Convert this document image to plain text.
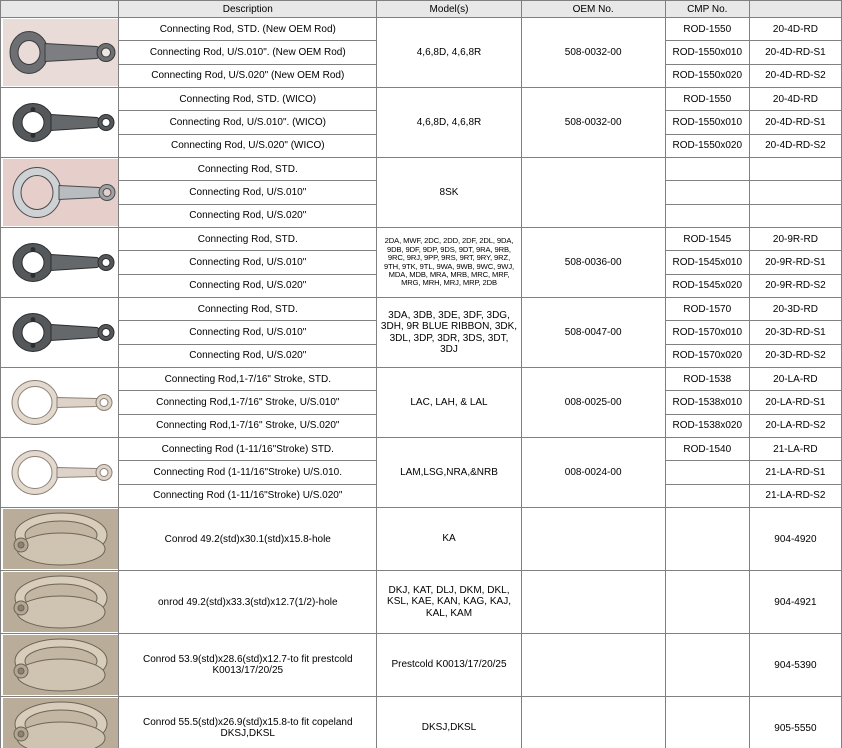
	Description	Model(s)	OEM No.	CMP No.	

	Connecting Rod, STD. (New OEM Rod)	4,6,8D, 4,6,8R	508-0032-00	ROD-1550	20-4D-RD
	Connecting Rod, U/S.010". (New OEM Rod)			ROD-1550x010	20-4D-RD-S1
	Connecting Rod, U/S.020" (New OEM Rod)			ROD-1550x020	20-4D-RD-S2

	Connecting Rod, STD. (WICO)	4,6,8D, 4,6,8R	508-0032-00	ROD-1550	20-4D-RD
	Connecting Rod, U/S.010". (WICO)			ROD-1550x010	20-4D-RD-S1
	Connecting Rod, U/S.020" (WICO)			ROD-1550x020	20-4D-RD-S2

	Connecting Rod, STD.	8SK			
	Connecting Rod, U/S.010"				
	Connecting Rod, U/S.020"				

	Connecting Rod, STD.	2DA, MWF, 2DC, 2DD, 2DF, 2DL, 9DA, 9DB, 9DF, 9DP, 9DS, 9DT, 9RA, 9RB, 9RC, 9RJ, 9PP, 9RS, 9RT, 9RY, 9RZ, 9TH, 9TK, 9TL, 9WA, 9WB, 9WC, 9WJ, MDA, MDB, MRA, MRB, MRC, MRF, MRG, MRH, MRJ, MRP, 2DB	508-0036-00	ROD-1545	20-9R-RD
	Connecting Rod, U/S.010"			ROD-1545x010	20-9R-RD-S1
	Connecting Rod, U/S.020"			ROD-1545x020	20-9R-RD-S2

	Connecting Rod, STD.	3DA, 3DB, 3DE, 3DF, 3DG, 3DH, 9R BLUE RIBBON, 3DK, 3DL, 3DP, 3DR, 3DS, 3DT, 3DJ	508-0047-00	ROD-1570	20-3D-RD
	Connecting Rod, U/S.010"			ROD-1570x010	20-3D-RD-S1
	Connecting Rod, U/S.020"			ROD-1570x020	20-3D-RD-S2

	Connecting Rod,1-7/16" Stroke, STD.	LAC, LAH, & LAL	008-0025-00	ROD-1538	20-LA-RD
	Connecting Rod,1-7/16" Stroke, U/S.010"			ROD-1538x010	20-LA-RD-S1
	Connecting Rod,1-7/16" Stroke, U/S.020"			ROD-1538x020	20-LA-RD-S2

	Connecting Rod (1-11/16"Stroke) STD.	LAM,LSG,NRA,&NRB	008-0024-00	ROD-1540	21-LA-RD
	Connecting Rod (1-11/16"Stroke) U/S.010.				21-LA-RD-S1
	Connecting Rod (1-11/16"Stroke) U/S.020"				21-LA-RD-S2

	Conrod 49.2(std)x30.1(std)x15.8-hole	KA			904-4920

	onrod 49.2(std)x33.3(std)x12.7(1/2)-hole	DKJ, KAT, DLJ, DKM, DKL, KSL, KAE, KAN, KAG, KAJ, KAL, KAM			904-4921

	Conrod 53.9(std)x28.6(std)x12.7-to fit prestcold K0013/17/20/25	Prestcold K0013/17/20/25			904-5390

	Conrod 55.5(std)x26.9(std)x15.8-to fit copeland DKSJ,DKSL	DKSJ,DKSL			905-5550
